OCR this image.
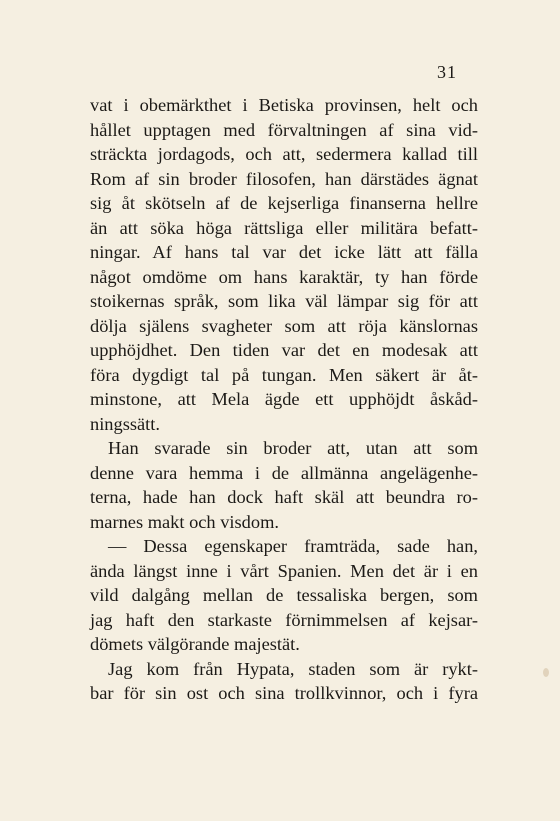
31
vat i obemärkthet i Betiska provinsen, helt och
hållet upptagen med förvaltningen af sina vid-
sträckta jordagods, och att, sedermera kallad till
Rom af sin broder filosofen, han därstädes ägnat
sig åt skötseln af de kejserliga finanserna hellre
än att söka höga rättsliga eller militära befatt-
ningar. Af hans tal var det icke lätt att fälla
något omdöme om hans karaktär, ty han förde
stoikernas språk, som lika väl lämpar sig för att
dölja själens svagheter som att röja känslornas
upphöjdhet. Den tiden var det en modesak att
föra dygdigt tal på tungan. Men säkert är åt-
minstone, att Mela ägde ett upphöjdt åskåd-
ningssätt.
Han svarade sin broder att, utan att som
denne vara hemma i de allmänna angelägenhe-
terna, hade han dock haft skäl att beundra ro-
marnes makt och visdom.
— Dessa egenskaper framträda, sade han,
ända längst inne i vårt Spanien. Men det är i en
vild dalgång mellan de tessaliska bergen, som
jag haft den starkaste förnimmelsen af kejsar-
dömets välgörande majestät.
Jag kom från Hypata, staden som är rykt-
bar för sin ost och sina trollkvinnor, och i fyra
